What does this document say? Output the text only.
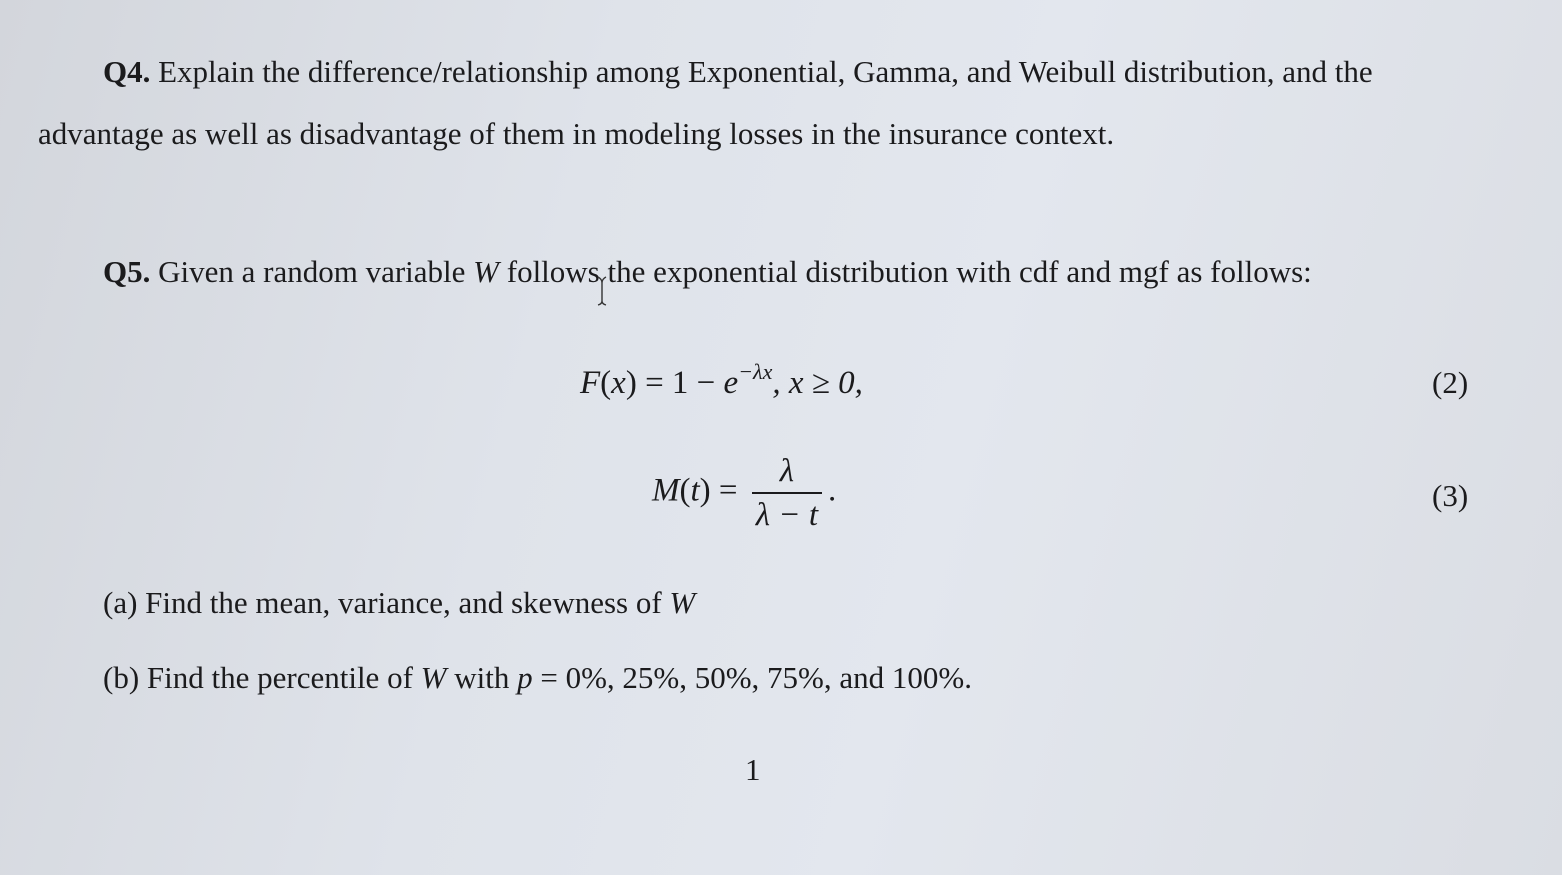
Q4. Explain the difference/relationship among Exponential, Gamma, and Weibull distribution, and the
advantage as well as disadvantage of them in modeling losses in the insurance context.
Q5. Given a random variable W follows the exponential distribution with cdf and mgf as follows:
$F(x) = 1 - e^{-\lambda x}$, x ≥ 0,	(2)
$M(t) = \frac{\lambda}{\lambda - t}$ .	(3)
(a) Find the mean, variance, and skewness of W
(b) Find the percentile of W with p = 0%, 25%, 50%, 75%, and 100%.
1
